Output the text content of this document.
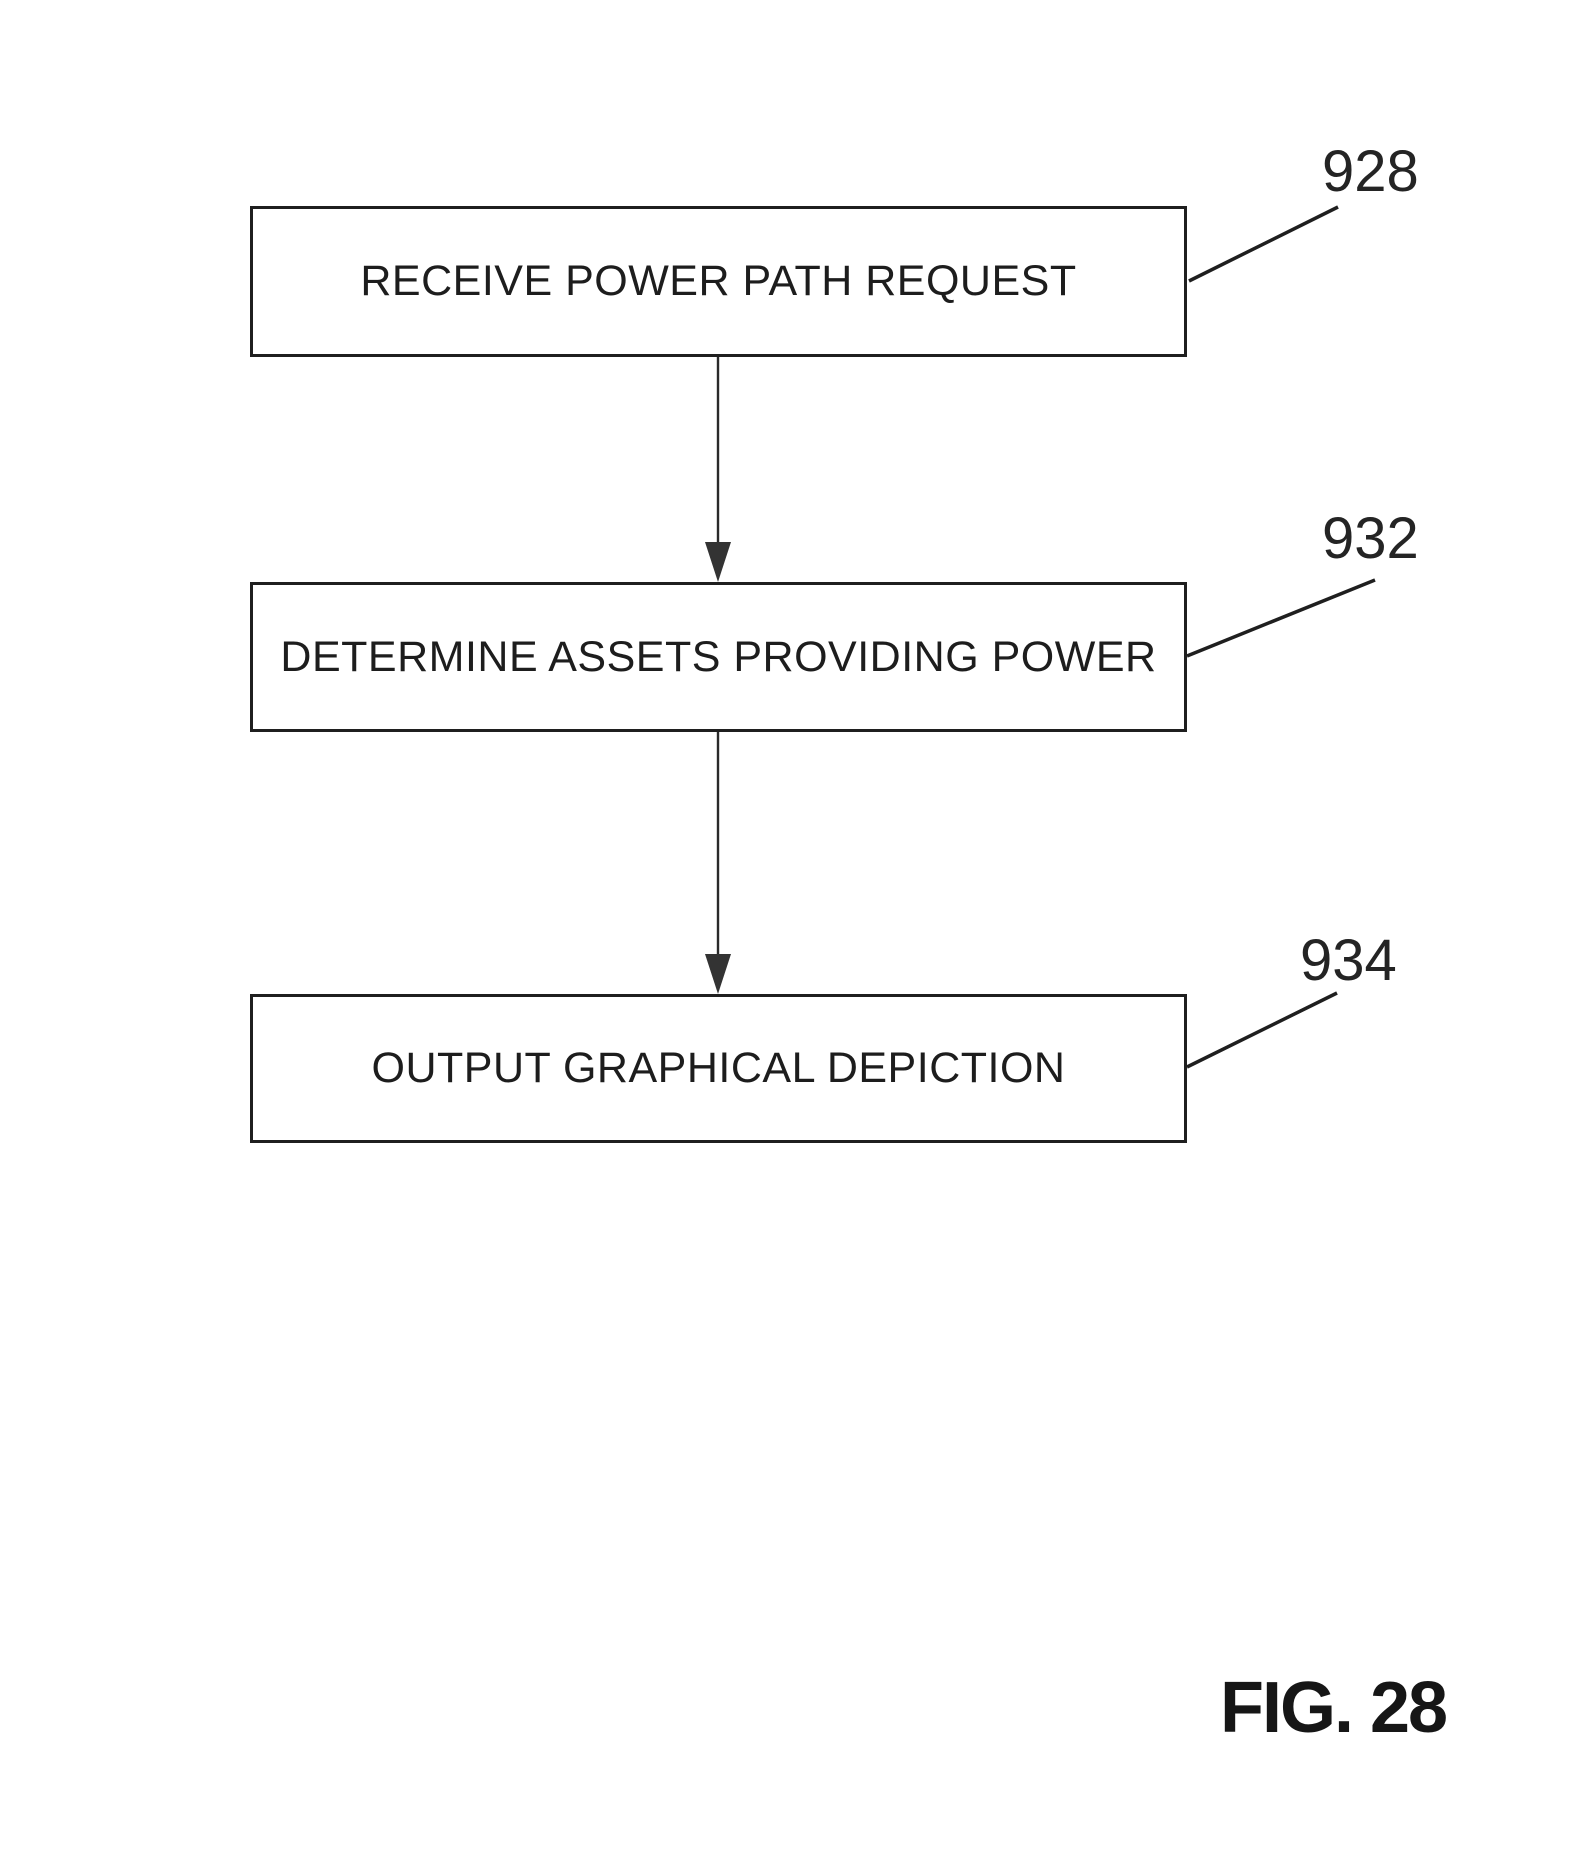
RECEIVE POWER PATH REQUEST
DETERMINE ASSETS PROVIDING POWER
OUTPUT GRAPHICAL DEPICTION
928
932
934
FIG. 28
